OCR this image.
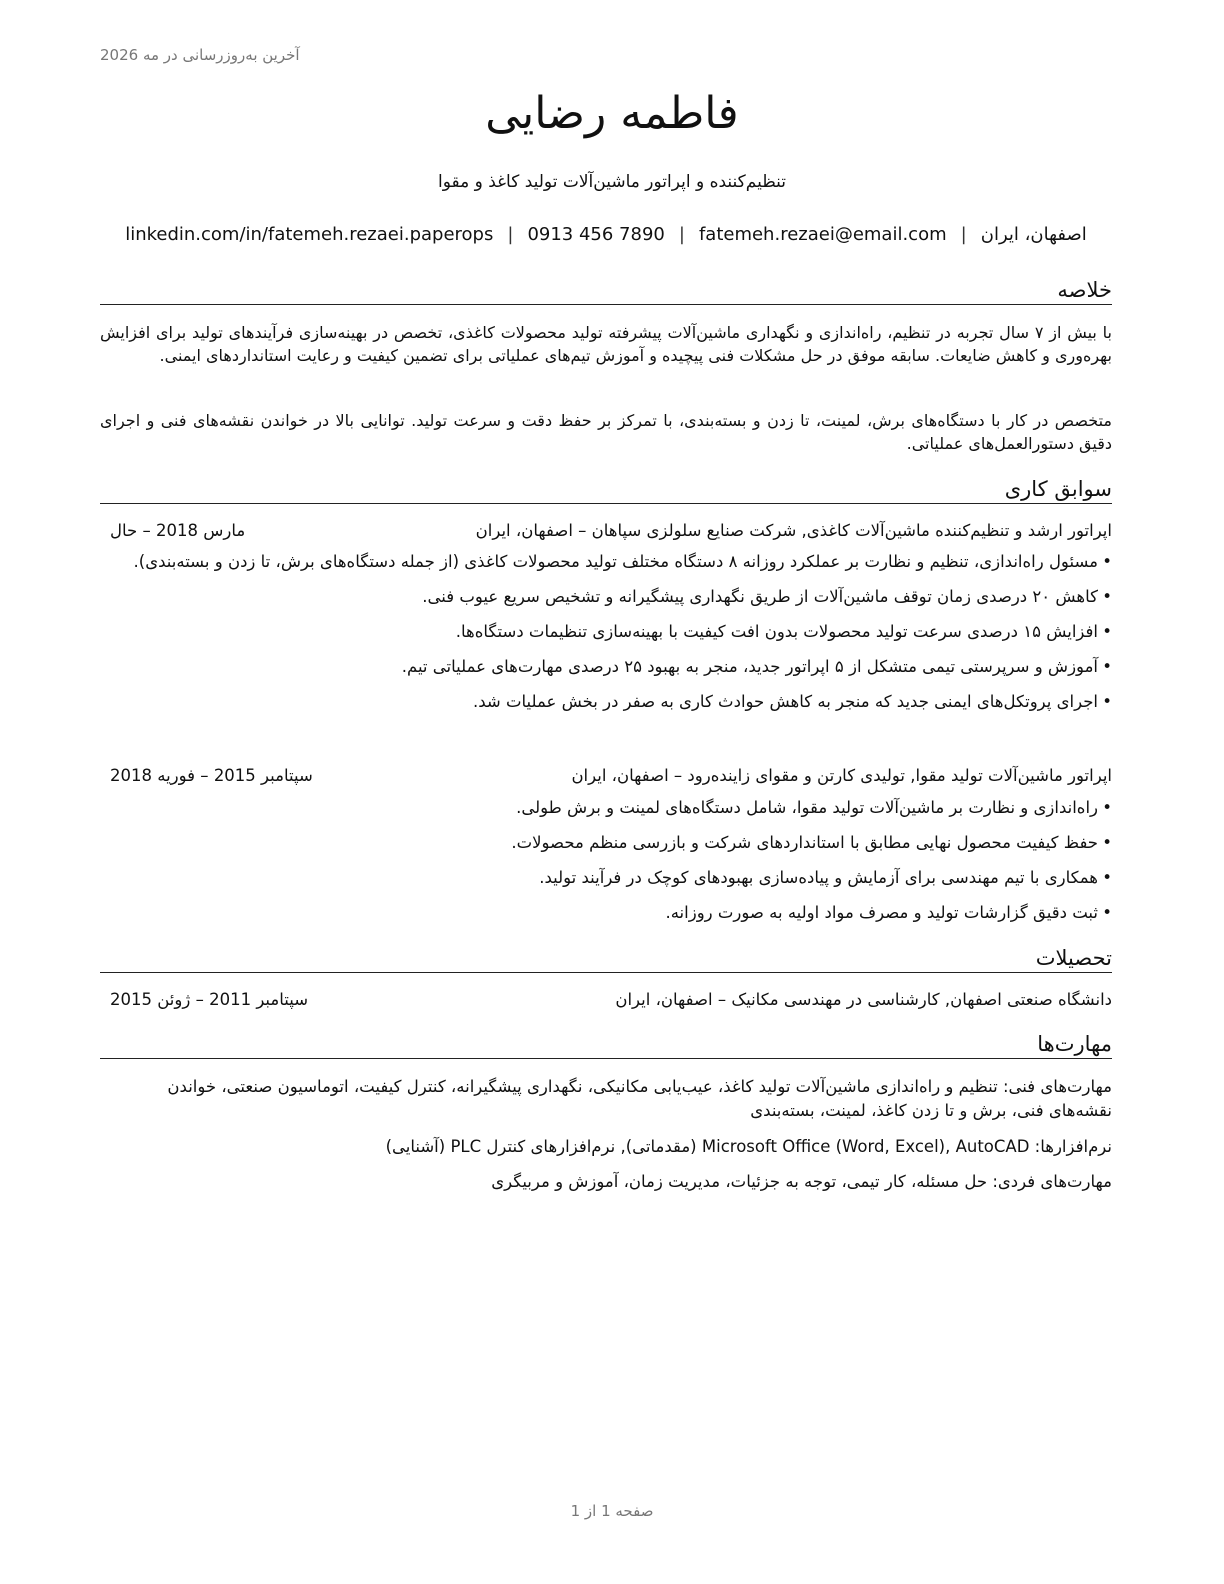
آخرین به‌روزرسانی در مه 2026
فاطمه رضایی
تنظیم‌کننده و اپراتور ماشین‌آلات تولید کاغذ و مقوا
اصفهان، ایران|fatemeh.rezaei@email.com|0913 456 7890|linkedin.com/in/fatemeh.rezaei.paperops
خلاصه

با بیش از ۷ سال تجربه در تنظیم، راه‌اندازی و نگهداری ماشین‌آلات پیشرفته تولید محصولات کاغذی، تخصص در بهینه‌سازی فرآیندهای تولید برای افزایش بهره‌وری و کاهش ضایعات. سابقه موفق در حل مشکلات فنی پیچیده و آموزش تیم‌های عملیاتی برای تضمین کیفیت و رعایت استانداردهای ایمنی.

متخصص در کار با دستگاه‌های برش، لمینت، تا زدن و بسته‌بندی، با تمرکز بر حفظ دقت و سرعت تولید. توانایی بالا در خواندن نقشه‌های فنی و اجرای دقیق دستورالعمل‌های عملیاتی.

سوابق کاری
اپراتور ارشد و تنظیم‌کننده ماشین‌آلات کاغذی, شرکت صنایع سلولزی سپاهان – اصفهان، ایران
مارس 2018 – حال
• مسئول راه‌اندازی، تنظیم و نظارت بر عملکرد روزانه ۸ دستگاه مختلف تولید محصولات کاغذی (از جمله دستگاه‌های برش، تا زدن و بسته‌بندی).
• کاهش ۲۰ درصدی زمان توقف ماشین‌آلات از طریق نگهداری پیشگیرانه و تشخیص سریع عیوب فنی.
• افزایش ۱۵ درصدی سرعت تولید محصولات بدون افت کیفیت با بهینه‌سازی تنظیمات دستگاه‌ها.
• آموزش و سرپرستی تیمی متشکل از ۵ اپراتور جدید، منجر به بهبود ۲۵ درصدی مهارت‌های عملیاتی تیم.
• اجرای پروتکل‌های ایمنی جدید که منجر به کاهش حوادث کاری به صفر در بخش عملیات شد.
اپراتور ماشین‌آلات تولید مقوا, تولیدی کارتن و مقوای زاینده‌رود – اصفهان، ایران
سپتامبر 2015 – فوریه 2018
• راه‌اندازی و نظارت بر ماشین‌آلات تولید مقوا، شامل دستگاه‌های لمینت و برش طولی.
• حفظ کیفیت محصول نهایی مطابق با استانداردهای شرکت و بازرسی منظم محصولات.
• همکاری با تیم مهندسی برای آزمایش و پیاده‌سازی بهبودهای کوچک در فرآیند تولید.
• ثبت دقیق گزارشات تولید و مصرف مواد اولیه به صورت روزانه.
تحصیلات
دانشگاه صنعتی اصفهان, کارشناسی در مهندسی مکانیک – اصفهان، ایران
سپتامبر 2011 – ژوئن 2015
مهارت‌ها

مهارت‌های فنی: تنظیم و راه‌اندازی ماشین‌آلات تولید کاغذ، عیب‌یابی مکانیکی، نگهداری پیشگیرانه، کنترل کیفیت، اتوماسیون صنعتی، خواندن نقشه‌های فنی، برش و تا زدن کاغذ، لمینت، بسته‌بندی

نرم‌افزارها: Microsoft Office (Word, Excel), AutoCAD (مقدماتی), نرم‌افزارهای کنترل PLC (آشنایی)

مهارت‌های فردی: حل مسئله، کار تیمی، توجه به جزئیات، مدیریت زمان، آموزش و مربیگری

صفحه 1 از 1
